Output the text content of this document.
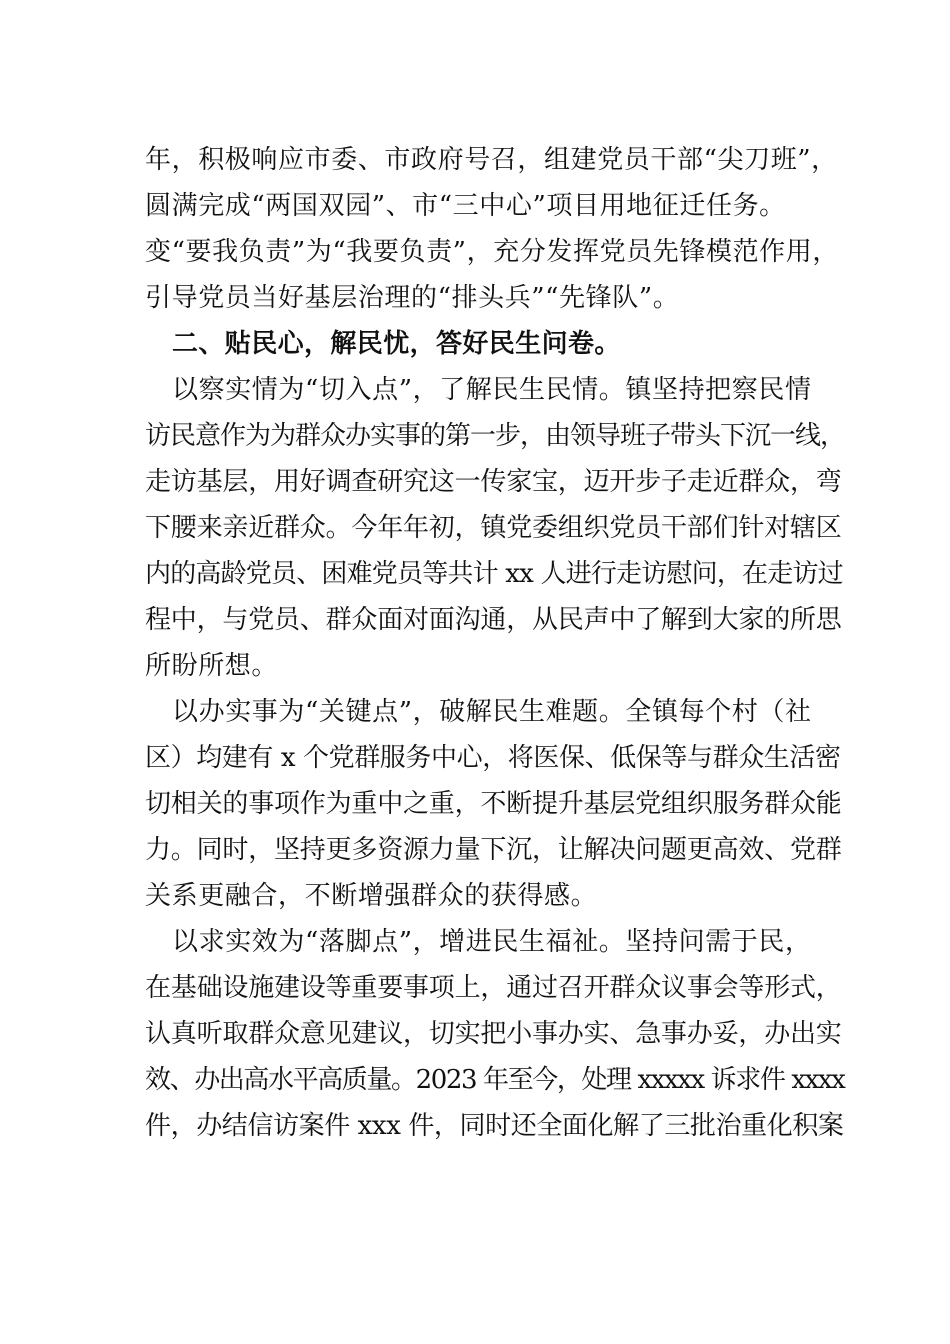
年，积极响应市委、市政府号召，组建党员干部“尖刀班”，
圆满完成“两国双园”、市“三中心”项目用地征迁任务。
变“要我负责”为“我要负责”，充分发挥党员先锋模范作用，
引导党员当好基层治理的“排头兵”“先锋队”。
二、贴民心，解民忧，答好民生问卷。
以察实情为“切入点”，了解民生民情。镇坚持把察民情
访民意作为为群众办实事的第一步，由领导班子带头下沉一线，
走访基层，用好调查研究这一传家宝，迈开步子走近群众，弯
下腰来亲近群众。今年年初，镇党委组织党员干部们针对辖区
内的高龄党员、困难党员等共计 xx 人进行走访慰问，在走访过
程中，与党员、群众面对面沟通，从民声中了解到大家的所思
所盼所想。
以办实事为“关键点”，破解民生难题。全镇每个村（社
区）均建有 x 个党群服务中心，将医保、低保等与群众生活密
切相关的事项作为重中之重，不断提升基层党组织服务群众能
力。同时，坚持更多资源力量下沉，让解决问题更高效、党群
关系更融合，不断增强群众的获得感。
以求实效为“落脚点”，增进民生福祉。坚持问需于民，
在基础设施建设等重要事项上，通过召开群众议事会等形式，
认真听取群众意见建议，切实把小事办实、急事办妥，办出实
效、办出高水平高质量。2023 年至今，处理 xxxxx 诉求件 xxxx
件，办结信访案件 xxx 件，同时还全面化解了三批治重化积案
